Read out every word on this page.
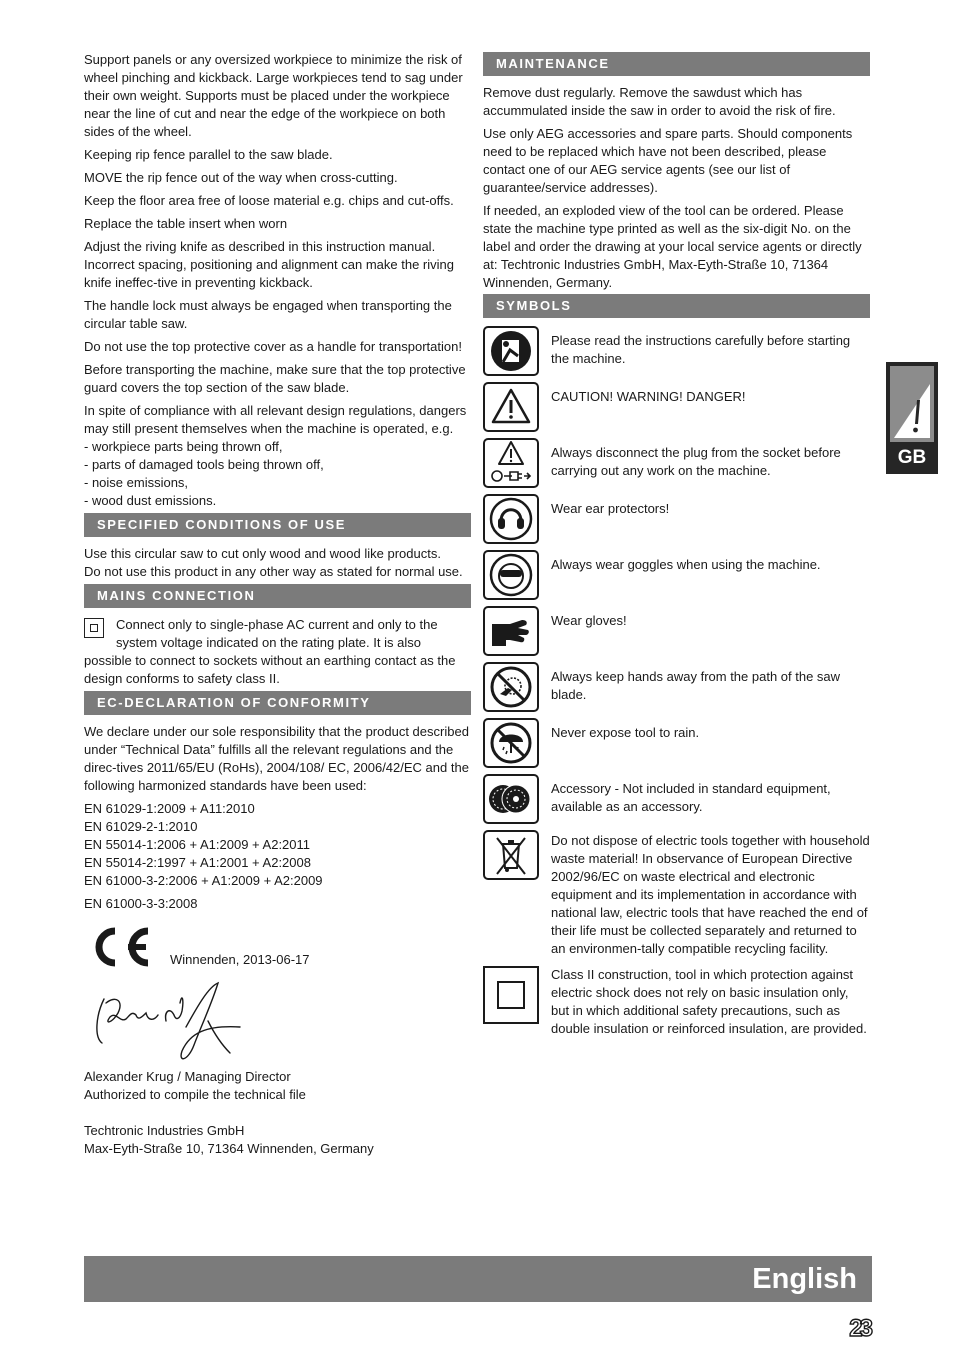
Support panels or any oversized workpiece to minimize the risk of wheel pinching and kickback. Large workpieces tend to sag under their own weight. Supports must be placed under the workpiece near the line of cut and near the edge of the workpiece on both sides of the wheel.

Keeping rip fence parallel to the saw blade.

MOVE the rip fence out of the way when cross-cutting.

Keep the floor area free of loose material e.g. chips and cut-offs.

Replace the table insert when worn

Adjust the riving knife as described in this instruction manual. Incorrect spacing, positioning and alignment can make the riving knife ineffec-tive in preventing kickback.

The handle lock must always be engaged when transporting the circular table saw.

Do not use the top protective cover as a handle for transportation!

Before transporting the machine, make sure that the top protective guard covers the top section of the saw blade.

In spite of compliance with all relevant design regulations, dangers may still present themselves when the machine is operated, e.g.
- workpiece parts being thrown off,
- parts of damaged tools being thrown off,
- noise emissions,
- wood dust emissions.

SPECIFIED CONDITIONS OF USE

Use this circular saw to cut only wood and wood like products.
Do not use this product in any other way as stated for normal use.

MAINS CONNECTION

Connect only to single-phase AC current and only to the system voltage indicated on the rating plate. It is also possible to connect to sockets without an earthing contact as the design conforms to safety class II.

EC-DECLARATION OF CONFORMITY

We declare under our sole responsibility that the product described under “Technical Data” fulfills all the relevant regulations and the direc-tives 2011/65/EU (RoHs), 2004/108/ EC, 2006/42/EC and the following harmonized standards have been used:

EN 61029-1:2009 + A11:2010
EN 61029-2-1:2010
EN 55014-1:2006 + A1:2009 + A2:2011
EN 55014-2:1997 + A1:2001 + A2:2008
EN 61000-3-2:2006 + A1:2009 + A2:2009

EN 61000-3-3:2008

Winnenden, 2013-06-17

Alexander Krug / Managing Director

Authorized to compile the technical file

Techtronic Industries GmbH

Max-Eyth-Straße 10, 71364 Winnenden, Germany

MAINTENANCE

Remove dust regularly. Remove the sawdust which has accummulated inside the saw in order to avoid the risk of fire.

Use only AEG accessories and spare parts. Should components need to be replaced which have not been described, please contact one of our AEG service agents (see our list of guarantee/service addresses).

If needed, an exploded view of the tool can be ordered. Please state the machine type printed as well as the six-digit No. on the label and order the drawing at your local service agents or directly at: Techtronic Industries GmbH, Max-Eyth-Straße 10, 71364 Winnenden, Germany.

SYMBOLS
Please read the instructions carefully before starting the machine.
CAUTION! WARNING! DANGER!
Always disconnect the plug from the socket before carrying out any work on the machine.
Wear ear protectors!
Always wear goggles when using the machine.
Wear gloves!
Always keep hands away from the path of the saw blade.
Never expose tool to rain.
Accessory - Not included in standard equipment, available as an accessory.
Do not dispose of electric tools together with household waste material! In observance of European Directive 2002/96/EC on waste electrical and electronic equipment and its implementation in accordance with national law, electric tools that have reached the end of their life must be collected separately and returned to an environmen-tally compatible recycling facility.
Class II construction, tool in which protection against electric shock does not rely on basic insulation only, but in which additional safety precautions, such as double insulation or reinforced insulation, are provided.
GB
English
23
